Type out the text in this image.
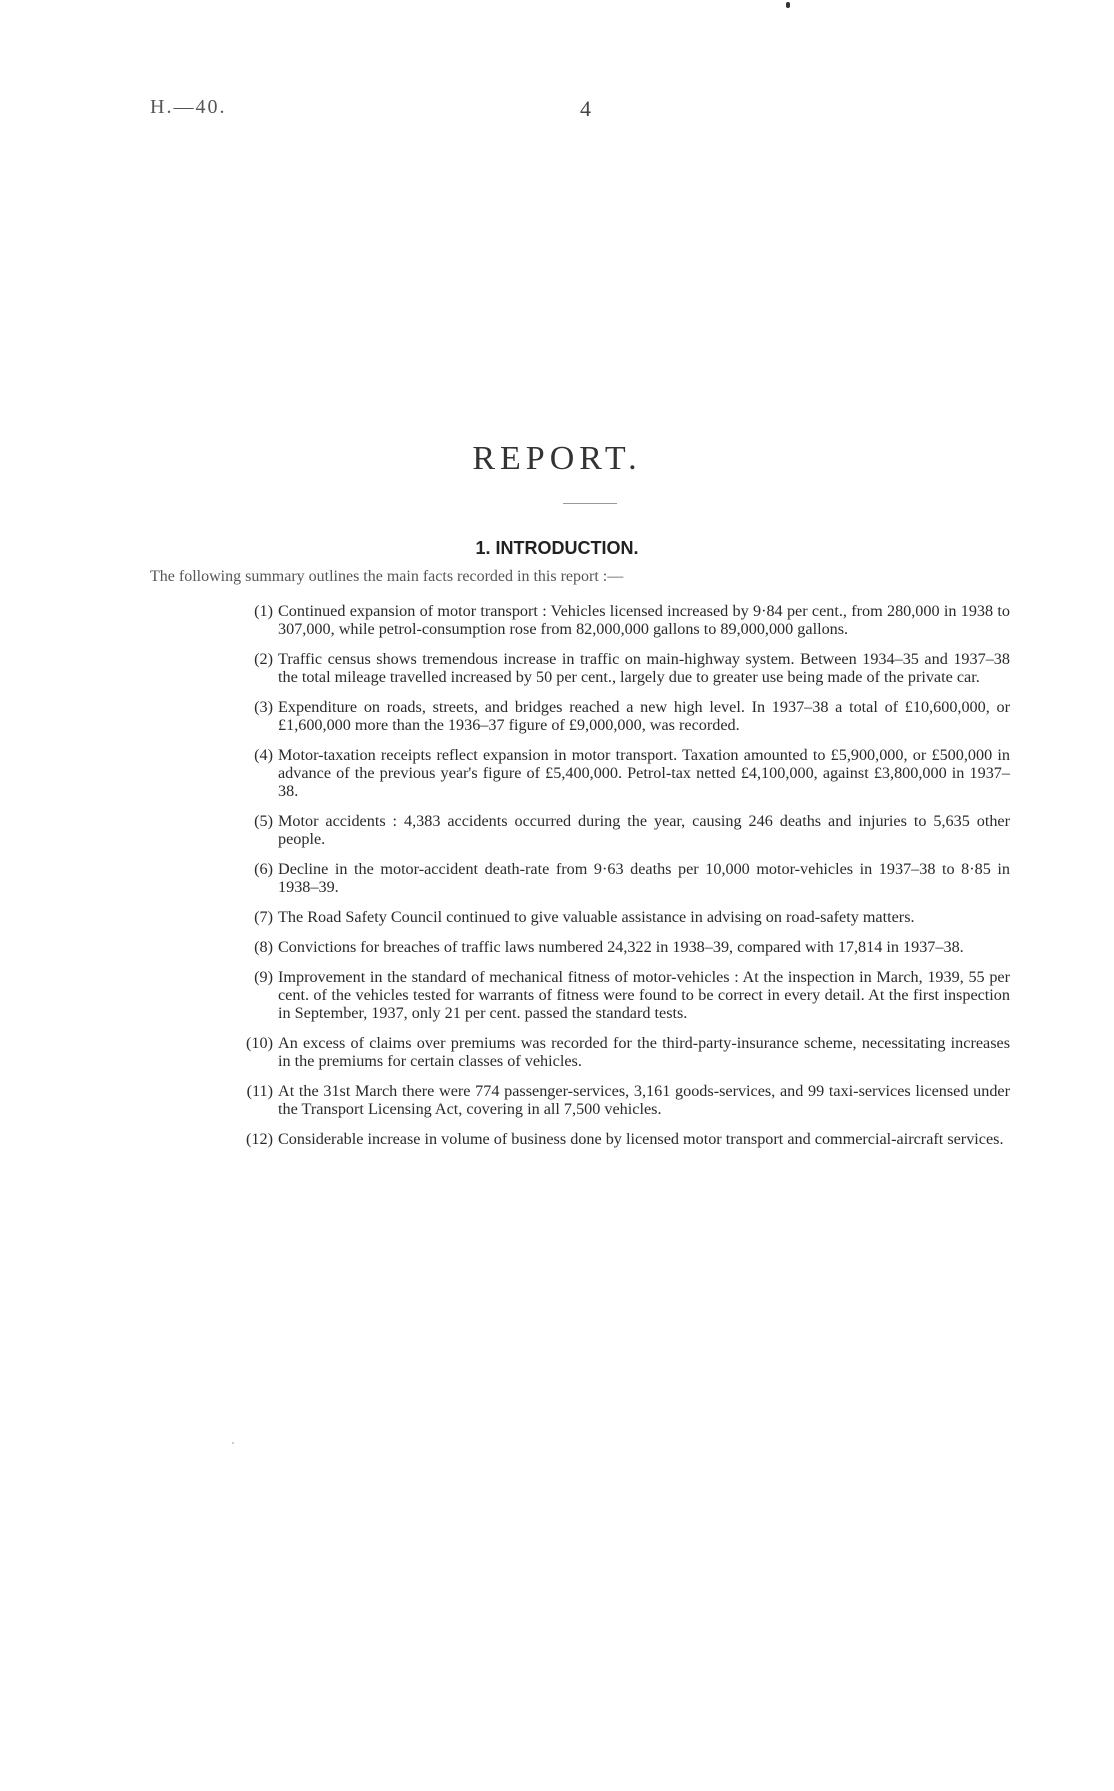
H.—40.	4
REPORT.
1. INTRODUCTION.
The following summary outlines the main facts recorded in this report :—
(1) Continued expansion of motor transport : Vehicles licensed increased by 9·84 per cent., from 280,000 in 1938 to 307,000, while petrol-consumption rose from 82,000,000 gallons to 89,000,000 gallons.
(2) Traffic census shows tremendous increase in traffic on main-highway system. Between 1934–35 and 1937–38 the total mileage travelled increased by 50 per cent., largely due to greater use being made of the private car.
(3) Expenditure on roads, streets, and bridges reached a new high level. In 1937–38 a total of £10,600,000, or £1,600,000 more than the 1936–37 figure of £9,000,000, was recorded.
(4) Motor-taxation receipts reflect expansion in motor transport. Taxation amounted to £5,900,000, or £500,000 in advance of the previous year's figure of £5,400,000. Petrol-tax netted £4,100,000, against £3,800,000 in 1937–38.
(5) Motor accidents : 4,383 accidents occurred during the year, causing 246 deaths and injuries to 5,635 other people.
(6) Decline in the motor-accident death-rate from 9·63 deaths per 10,000 motor-vehicles in 1937–38 to 8·85 in 1938–39.
(7) The Road Safety Council continued to give valuable assistance in advising on road-safety matters.
(8) Convictions for breaches of traffic laws numbered 24,322 in 1938–39, compared with 17,814 in 1937–38.
(9) Improvement in the standard of mechanical fitness of motor-vehicles : At the inspection in March, 1939, 55 per cent. of the vehicles tested for warrants of fitness were found to be correct in every detail. At the first inspection in September, 1937, only 21 per cent. passed the standard tests.
(10) An excess of claims over premiums was recorded for the third-party-insurance scheme, necessitating increases in the premiums for certain classes of vehicles.
(11) At the 31st March there were 774 passenger-services, 3,161 goods-services, and 99 taxi-services licensed under the Transport Licensing Act, covering in all 7,500 vehicles.
(12) Considerable increase in volume of business done by licensed motor transport and commercial-aircraft services.
